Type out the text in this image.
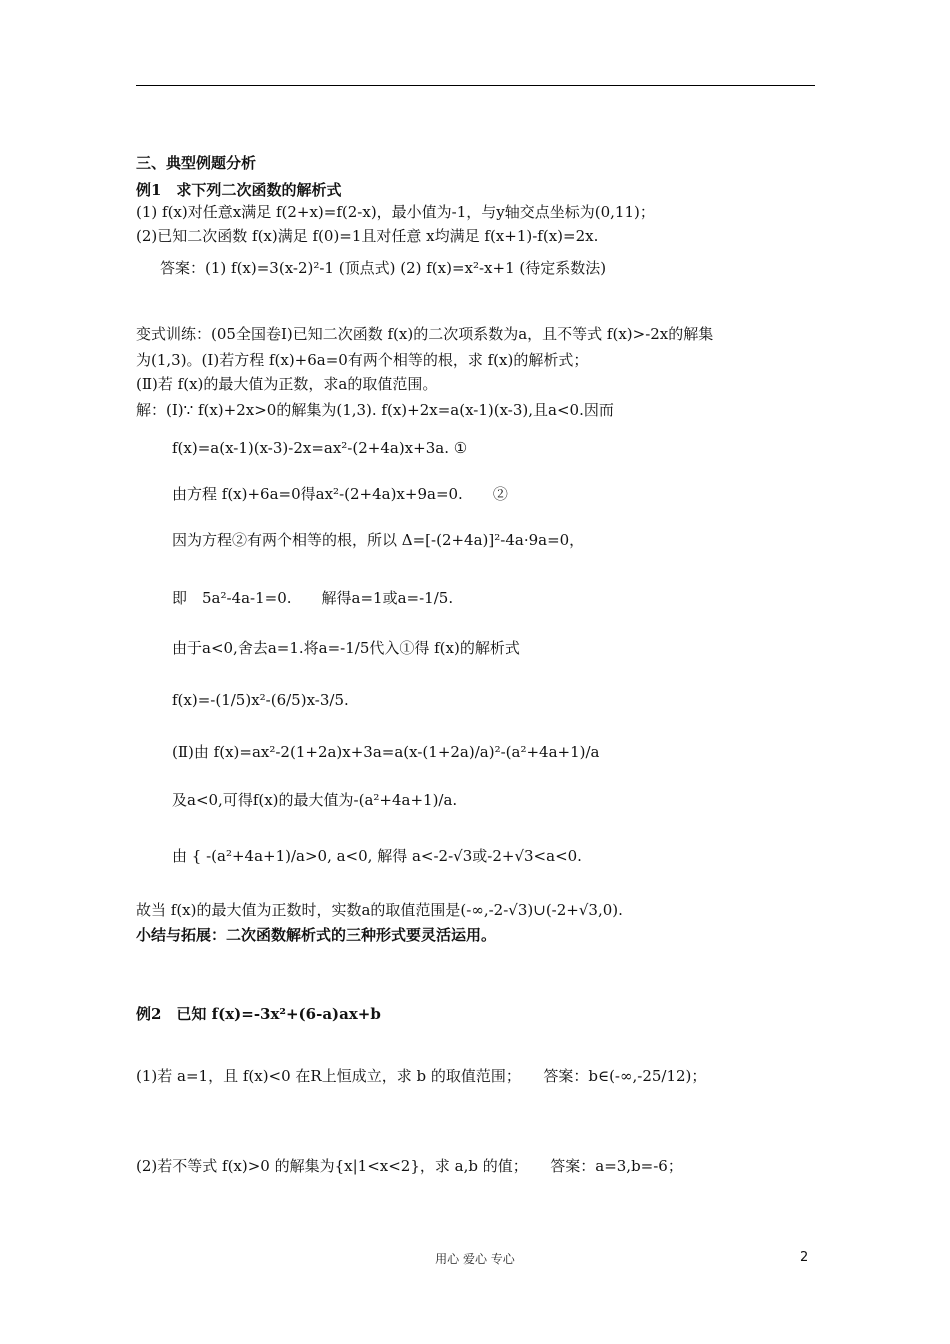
三、典型例题分析
例1　求下列二次函数的解析式
(1) f(x)对任意x满足 f(2+x)=f(2-x)，最小值为-1，与y轴交点坐标为(0,11)；
(2)已知二次函数 f(x)满足 f(0)=1且对任意 x均满足 f(x+1)-f(x)=2x.
答案：(1) f(x)=3(x-2)²-1 (顶点式) (2) f(x)=x²-x+1 (待定系数法)
变式训练：(05全国卷Ⅰ)已知二次函数 f(x)的二次项系数为a，且不等式 f(x)>-2x的解集
为(1,3)。(Ⅰ)若方程 f(x)+6a=0有两个相等的根，求 f(x)的解析式；
(Ⅱ)若 f(x)的最大值为正数，求a的取值范围。
解：(Ⅰ)∵ f(x)+2x>0的解集为(1,3). f(x)+2x=a(x-1)(x-3),且a<0.因而
f(x)=a(x-1)(x-3)-2x=ax²-(2+4a)x+3a. ①
由方程 f(x)+6a=0得ax²-(2+4a)x+9a=0.　　②
因为方程②有两个相等的根，所以 Δ=[-(2+4a)]²-4a·9a=0，
即　5a²-4a-1=0.　　解得a=1或a=-1/5.
由于a<0,舍去a=1.将a=-1/5代入①得 f(x)的解析式
f(x)=-(1/5)x²-(6/5)x-3/5.
(Ⅱ)由 f(x)=ax²-2(1+2a)x+3a=a(x-(1+2a)/a)²-(a²+4a+1)/a
及a<0,可得f(x)的最大值为-(a²+4a+1)/a.
由 { -(a²+4a+1)/a>0, a<0, 解得 a<-2-√3或-2+√3<a<0.
故当 f(x)的最大值为正数时，实数a的取值范围是(-∞,-2-√3)∪(-2+√3,0).
小结与拓展：二次函数解析式的三种形式要灵活运用。
例2　已知 f(x)=-3x²+(6-a)ax+b
(1)若 a=1，且 f(x)<0 在R上恒成立，求 b 的取值范围；　　答案：b∈(-∞,-25/12)；
(2)若不等式 f(x)>0 的解集为{x|1<x<2}，求 a,b 的值；　　答案：a=3,b=-6；
用心 爱心 专心	2
